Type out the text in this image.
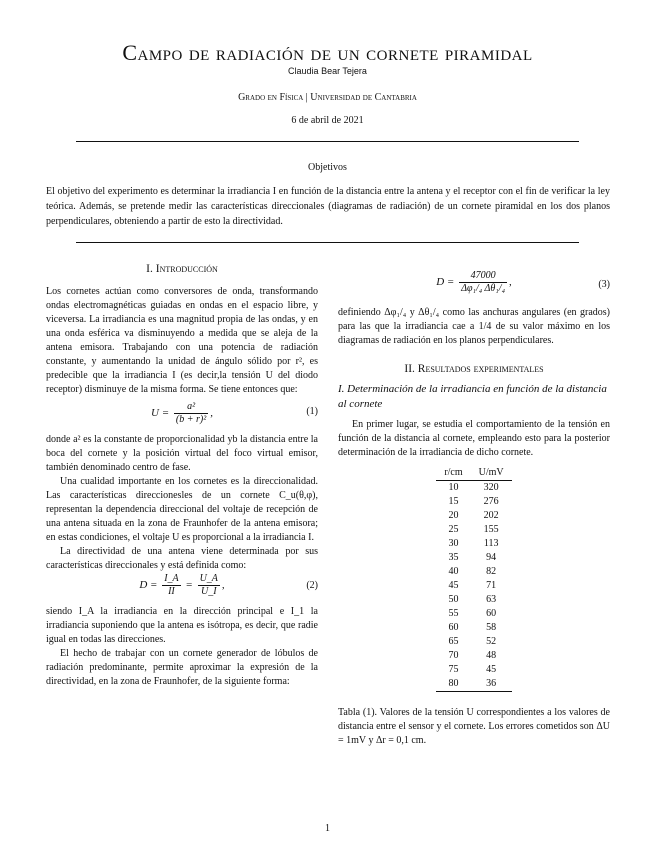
Campo de radiación de un cornete piramidal
Claudia Bear Tejera
Grado en Física | Universidad de Cantabria
6 de abril de 2021
Objetivos
El objetivo del experimento es determinar la irradiancia I en función de la distancia entre la antena y el receptor con el fin de verificar la ley teórica. Además, se pretende medir las características direccionales (diagramas de radiación) de un cornete piramidal en los dos planos perpendiculares, obteniendo a partir de esto la directividad.

I. Introducción

Los cornetes actúan como conversores de onda, transformando ondas electromagnéticas guiadas en ondas en el espacio libre, y viceversa. La irradiancia es una magnitud propia de las ondas, y en una onda esférica va disminuyendo a medida que se aleja de la antena emisora. Trabajando con una potencia de radiación constante, y aumentando la unidad de ángulo sólido por r², es predecible que la irradiancia I (es decir,la tensión U del diodo receptor) disminuye de la misma forma. Se tiene entonces que:

$U = \frac{\text{a²}}{\text{(b + r)²}}$ ,	(1)

donde a² es la constante de proporcionalidad yb la distancia entre la boca del cornete y la posición virtual del foco virtual emisor, también denominado centro de fase.

Una cualidad importante en los cornetes es la direccionalidad. Las características direccionesles de un cornete C_u(θ,φ), representan la dependencia direccional del voltaje de recepción de una antena situada en la zona de Fraunhofer de la antena emisora; en estas condiciones, el voltaje U es proporcional a la irradiancia I.

La directividad de una antena viene determinada por sus características direccionales y está definida como:

$D = \frac{I\_A}{II} = \frac{U\_A}{U\_I}$ ,	(2)

siendo I_A la irradiancia en la dirección principal e I_1 la irradiancia suponiendo que la antena es isótropa, es decir, que radie igual en todas las direcciones.

El hecho de trabajar con un cornete generador de lóbulos de radiación predominante, permite aproximar la expresión de la directividad, en la zona de Fraunhofer, de la siguiente forma:

$D = \frac{47000}{\text{Δφ₁/₄ Δθ₁/₄}}$ ,	(3)

definiendo Δφ₁/₄ y Δθ₁/₄ como las anchuras angulares (en grados) para las que la irradiancia cae a 1/4 de su valor máximo en los diagramas de radiación en los planos perpendiculares.

II. Resultados experimentales

I. Determinación de la irradiancia en función de la distancia al cornete

En primer lugar, se estudia el comportamiento de la tensión en función de la distancia al cornete, empleando esto para la posterior determinación de la irradiancia de dicho cornete.

r/cm	U/mV
10	320
15	276
20	202
25	155
30	113
35	94
40	82
45	71
50	63
55	60
60	58
65	52
70	48
75	45
80	36

Tabla (1). Valores de la tensión U correspondientes a los valores de distancia entre el sensor y el cornete. Los errores cometidos son ΔU = 1mV y Δr = 0,1 cm.

1
